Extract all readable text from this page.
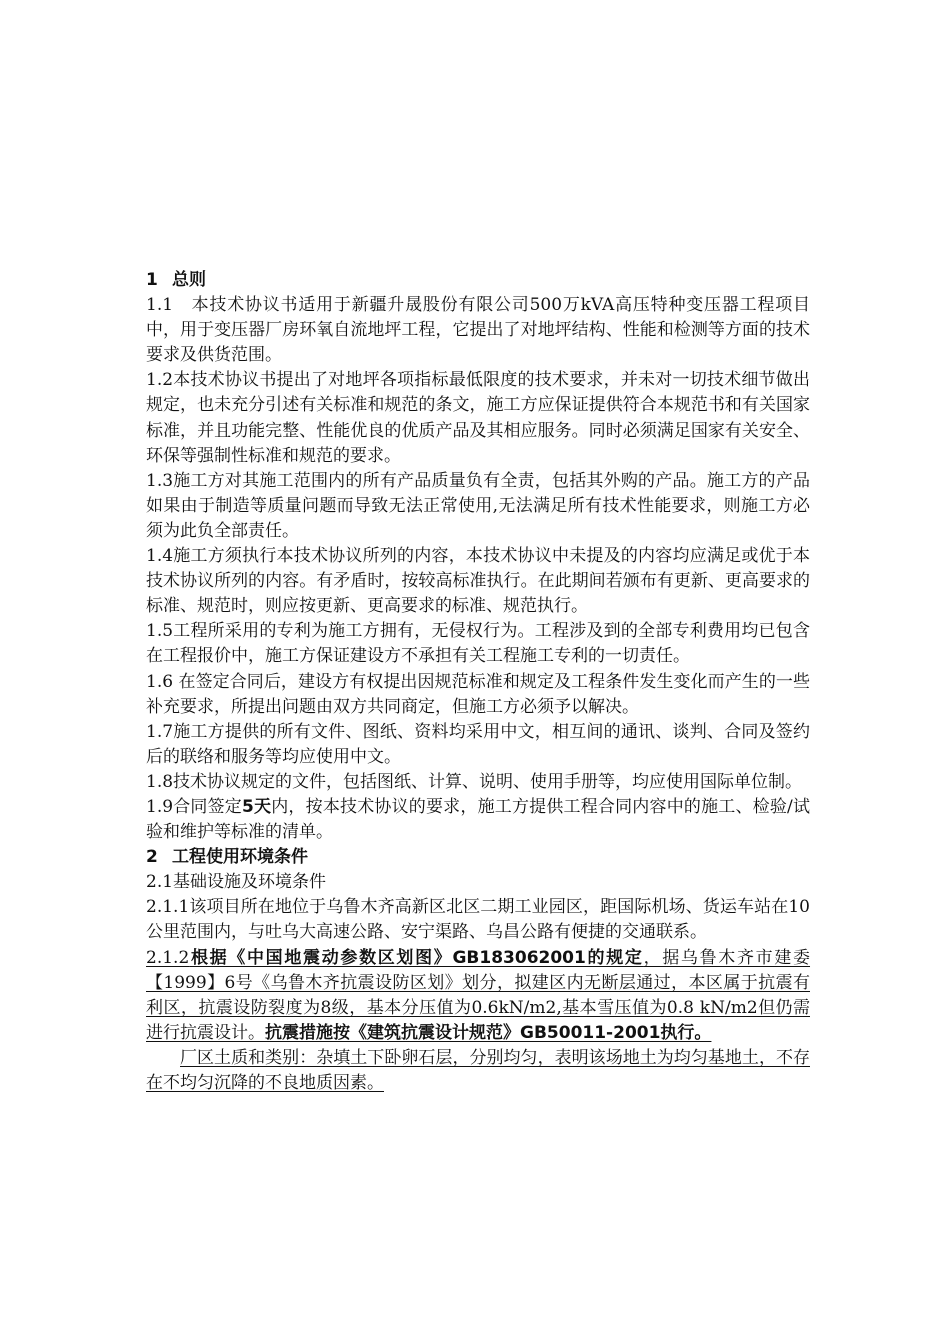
1 总则

1.1　本技术协议书适用于新疆升晟股份有限公司500万kVA高压特种变压器工程项目中，用于变压器厂房环氧自流地坪工程，它提出了对地坪结构、性能和检测等方面的技术要求及供货范围。

1.2本技术协议书提出了对地坪各项指标最低限度的技术要求，并未对一切技术细节做出规定，也未充分引述有关标准和规范的条文，施工方应保证提供符合本规范书和有关国家标准，并且功能完整、性能优良的优质产品及其相应服务。同时必须满足国家有关安全、环保等强制性标准和规范的要求。

1.3施工方对其施工范围内的所有产品质量负有全责，包括其外购的产品。施工方的产品如果由于制造等质量问题而导致无法正常使用,无法满足所有技术性能要求，则施工方必须为此负全部责任。

1.4施工方须执行本技术协议所列的内容，本技术协议中未提及的内容均应满足或优于本技术协议所列的内容。有矛盾时，按较高标准执行。在此期间若颁布有更新、更高要求的标准、规范时，则应按更新、更高要求的标准、规范执行。

1.5工程所采用的专利为施工方拥有，无侵权行为。工程涉及到的全部专利费用均已包含在工程报价中，施工方保证建设方不承担有关工程施工专利的一切责任。

1.6 在签定合同后，建设方有权提出因规范标准和规定及工程条件发生变化而产生的一些补充要求，所提出问题由双方共同商定，但施工方必须予以解决。

1.7施工方提供的所有文件、图纸、资料均采用中文，相互间的通讯、谈判、合同及签约后的联络和服务等均应使用中文。

1.8技术协议规定的文件，包括图纸、计算、说明、使用手册等，均应使用国际单位制。

1.9合同签定5天内，按本技术协议的要求，施工方提供工程合同内容中的施工、检验/试验和维护等标准的清单。

2 工程使用环境条件

2.1基础设施及环境条件

2.1.1该项目所在地位于乌鲁木齐高新区北区二期工业园区，距国际机场、货运车站在10公里范围内，与吐乌大高速公路、安宁渠路、乌昌公路有便捷的交通联系。

2.1.2根据《中国地震动参数区划图》GB183062001的规定，据乌鲁木齐市建委【1999】6号《乌鲁木齐抗震设防区划》划分，拟建区内无断层通过，本区属于抗震有利区，抗震设防裂度为8级，基本分压值为0.6kN/m2,基本雪压值为0.8 kN/m2但仍需进行抗震设计。抗震措施按《建筑抗震设计规范》GB50011-2001执行。

厂区土质和类别：杂填土下卧卵石层，分别均匀，表明该场地土为均匀基地土，不存在不均匀沉降的不良地质因素。
